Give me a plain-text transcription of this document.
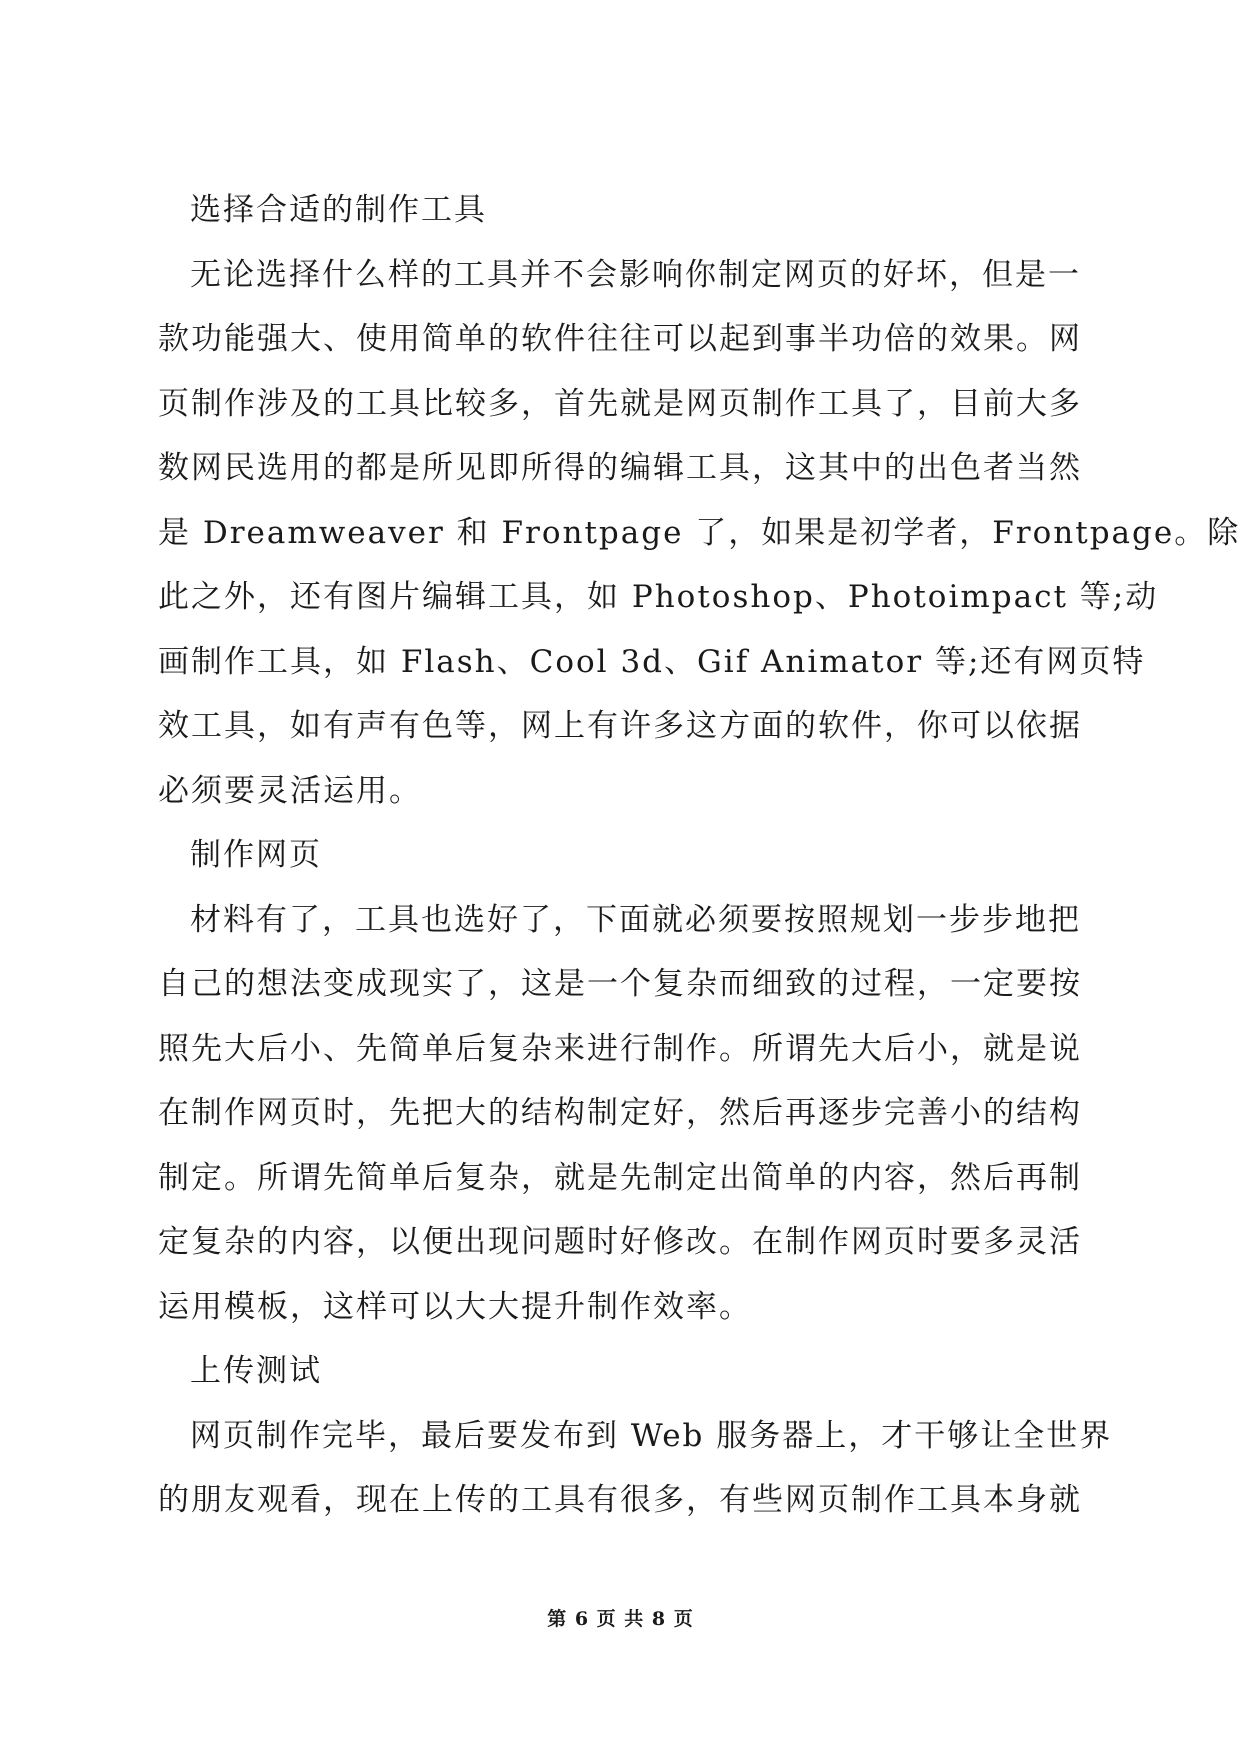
选择合适的制作工具
无论选择什么样的工具并不会影响你制定网页的好坏，但是一
款功能强大、使用简单的软件往往可以起到事半功倍的效果。网
页制作涉及的工具比较多，首先就是网页制作工具了，目前大多
数网民选用的都是所见即所得的编辑工具，这其中的出色者当然
是 Dreamweaver 和 Frontpage 了，如果是初学者，Frontpage。除
此之外，还有图片编辑工具，如 Photoshop、Photoimpact 等;动
画制作工具，如 Flash、Cool 3d、Gif Animator 等;还有网页特
效工具，如有声有色等，网上有许多这方面的软件，你可以依据
必须要灵活运用。
制作网页
材料有了，工具也选好了，下面就必须要按照规划一步步地把
自己的想法变成现实了，这是一个复杂而细致的过程，一定要按
照先大后小、先简单后复杂来进行制作。所谓先大后小，就是说
在制作网页时，先把大的结构制定好，然后再逐步完善小的结构
制定。所谓先简单后复杂，就是先制定出简单的内容，然后再制
定复杂的内容，以便出现问题时好修改。在制作网页时要多灵活
运用模板，这样可以大大提升制作效率。
上传测试
网页制作完毕，最后要发布到 Web 服务器上，才干够让全世界
的朋友观看，现在上传的工具有很多，有些网页制作工具本身就
第 6 页 共 8 页
